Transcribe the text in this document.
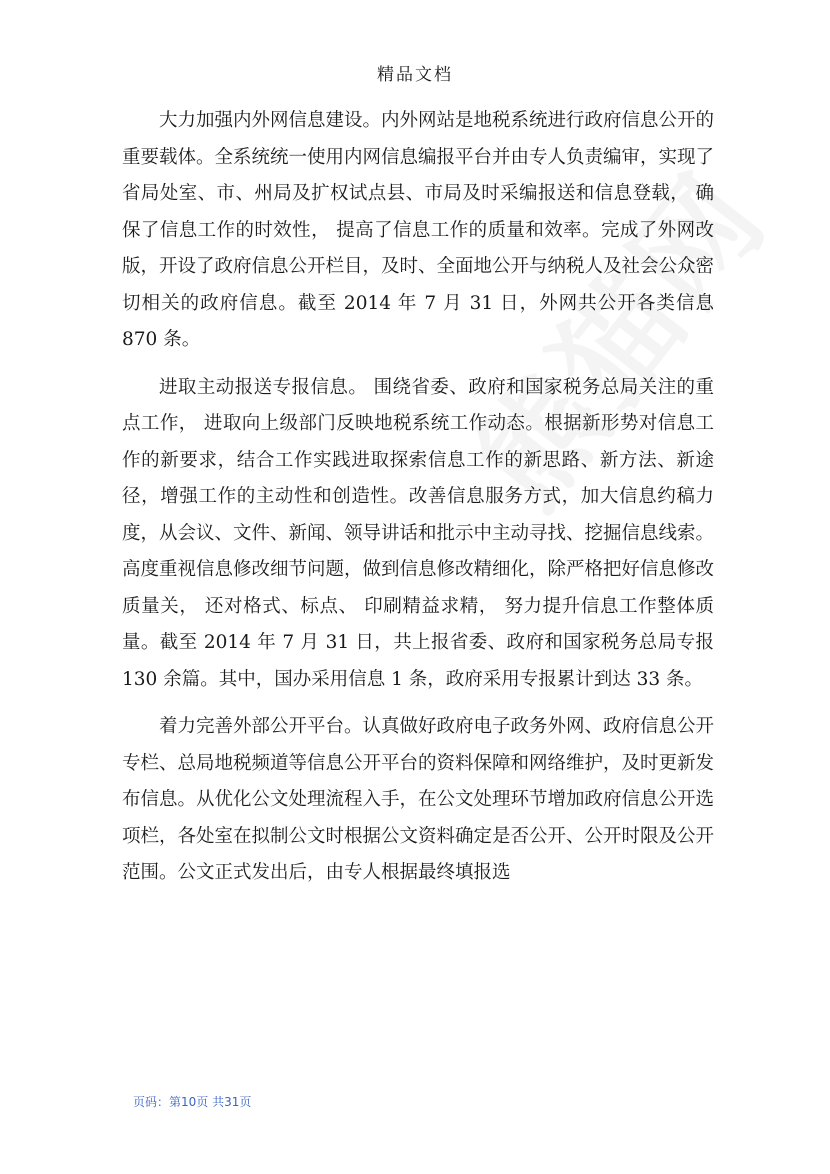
精品文档

大力加强内外网信息建设。内外网站是地税系统进行政府信息公开的重要载体。全系统统一使用内网信息编报平台并由专人负责编审，实现了省局处室、市、州局及扩权试点县、市局及时采编报送和信息登载， 确保了信息工作的时效性， 提高了信息工作的质量和效率。完成了外网改版，开设了政府信息公开栏目，及时、全面地公开与纳税人及社会公众密切相关的政府信息。截至 2014 年 7 月 31 日，外网共公开各类信息 870 条。

进取主动报送专报信息。 围绕省委、政府和国家税务总局关注的重点工作， 进取向上级部门反映地税系统工作动态。根据新形势对信息工作的新要求，结合工作实践进取探索信息工作的新思路、新方法、新途径，增强工作的主动性和创造性。改善信息服务方式，加大信息约稿力度，从会议、文件、新闻、领导讲话和批示中主动寻找、挖掘信息线索。高度重视信息修改细节问题，做到信息修改精细化，除严格把好信息修改质量关， 还对格式、标点、 印刷精益求精， 努力提升信息工作整体质量。截至 2014 年 7 月 31 日，共上报省委、政府和国家税务总局专报 130 余篇。其中，国办采用信息 1 条，政府采用专报累计到达 33 条。

着力完善外部公开平台。认真做好政府电子政务外网、政府信息公开专栏、总局地税频道等信息公开平台的资料保障和网络维护，及时更新发布信息。从优化公文处理流程入手，在公文处理环节增加政府信息公开选项栏，各处室在拟制公文时根据公文资料确定是否公开、公开时限及公开范围。公文正式发出后，由专人根据最终填报选

页码：第10页 共31页
